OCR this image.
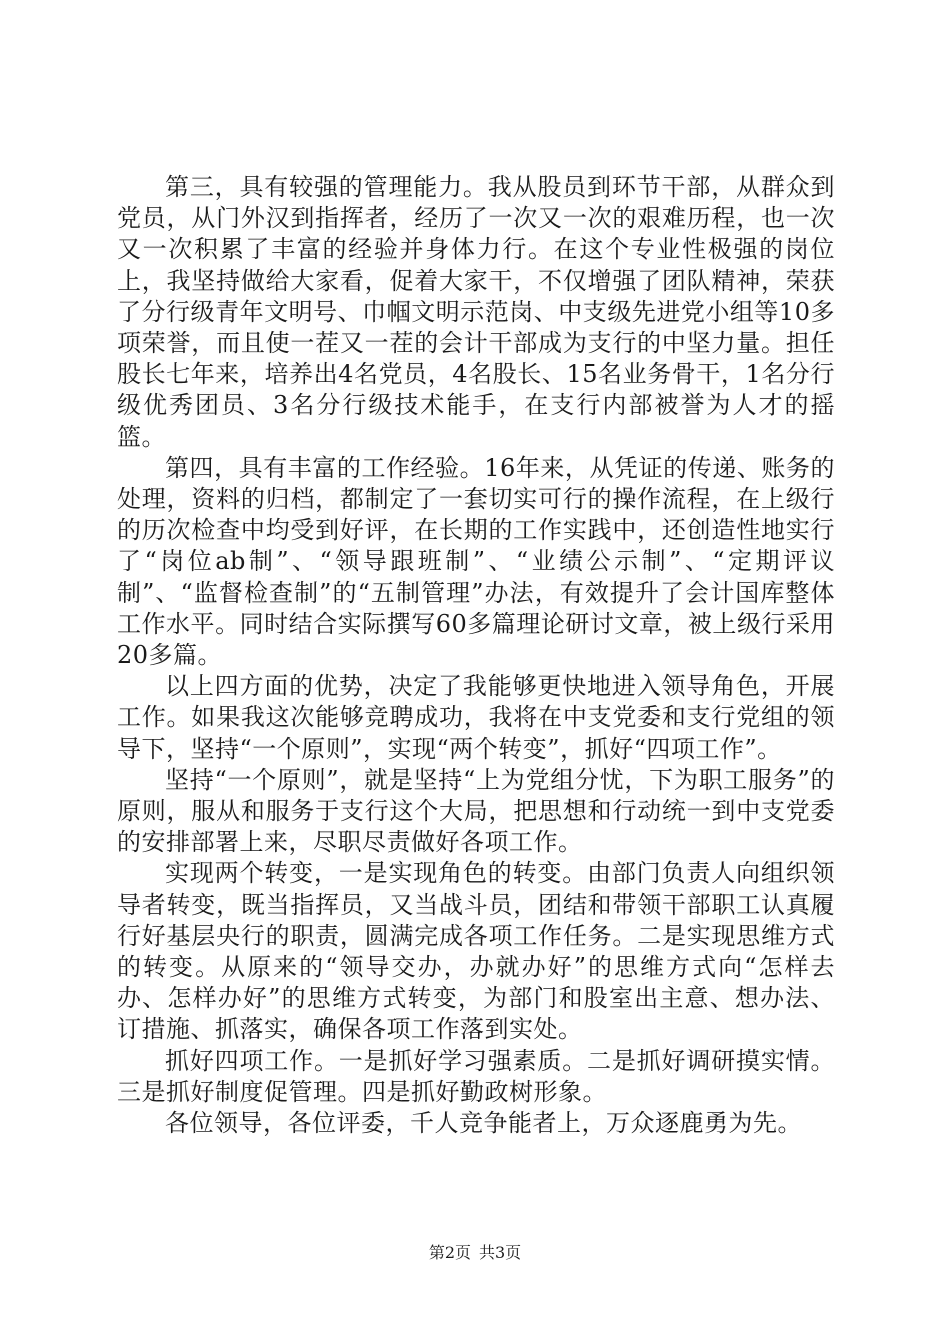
第三，具有较强的管理能力。我从股员到环节干部，从群众到党员，从门外汉到指挥者，经历了一次又一次的艰难历程，也一次又一次积累了丰富的经验并身体力行。在这个专业性极强的岗位上，我坚持做给大家看，促着大家干，不仅增强了团队精神，荣获了分行级青年文明号、巾帼文明示范岗、中支级先进党小组等10多项荣誉，而且使一茬又一茬的会计干部成为支行的中坚力量。担任股长七年来，培养出4名党员，4名股长、15名业务骨干，1名分行级优秀团员、3名分行级技术能手，在支行内部被誉为人才的摇篮。

第四，具有丰富的工作经验。16年来，从凭证的传递、账务的处理，资料的归档，都制定了一套切实可行的操作流程，在上级行的历次检查中均受到好评，在长期的工作实践中，还创造性地实行了“岗位ab制”、“领导跟班制”、“业绩公示制”、“定期评议制”、“监督检查制”的“五制管理”办法，有效提升了会计国库整体工作水平。同时结合实际撰写60多篇理论研讨文章，被上级行采用20多篇。

以上四方面的优势，决定了我能够更快地进入领导角色，开展工作。如果我这次能够竞聘成功，我将在中支党委和支行党组的领导下，坚持“一个原则”，实现“两个转变”，抓好“四项工作”。

坚持“一个原则”，就是坚持“上为党组分忧，下为职工服务”的原则，服从和服务于支行这个大局，把思想和行动统一到中支党委的安排部署上来，尽职尽责做好各项工作。

实现两个转变，一是实现角色的转变。由部门负责人向组织领导者转变，既当指挥员，又当战斗员，团结和带领干部职工认真履行好基层央行的职责，圆满完成各项工作任务。二是实现思维方式的转变。从原来的“领导交办，办就办好”的思维方式向“怎样去办、怎样办好”的思维方式转变，为部门和股室出主意、想办法、订措施、抓落实，确保各项工作落到实处。

抓好四项工作。一是抓好学习强素质。二是抓好调研摸实情。三是抓好制度促管理。四是抓好勤政树形象。

各位领导，各位评委，千人竞争能者上，万众逐鹿勇为先。

第2页 共3页
